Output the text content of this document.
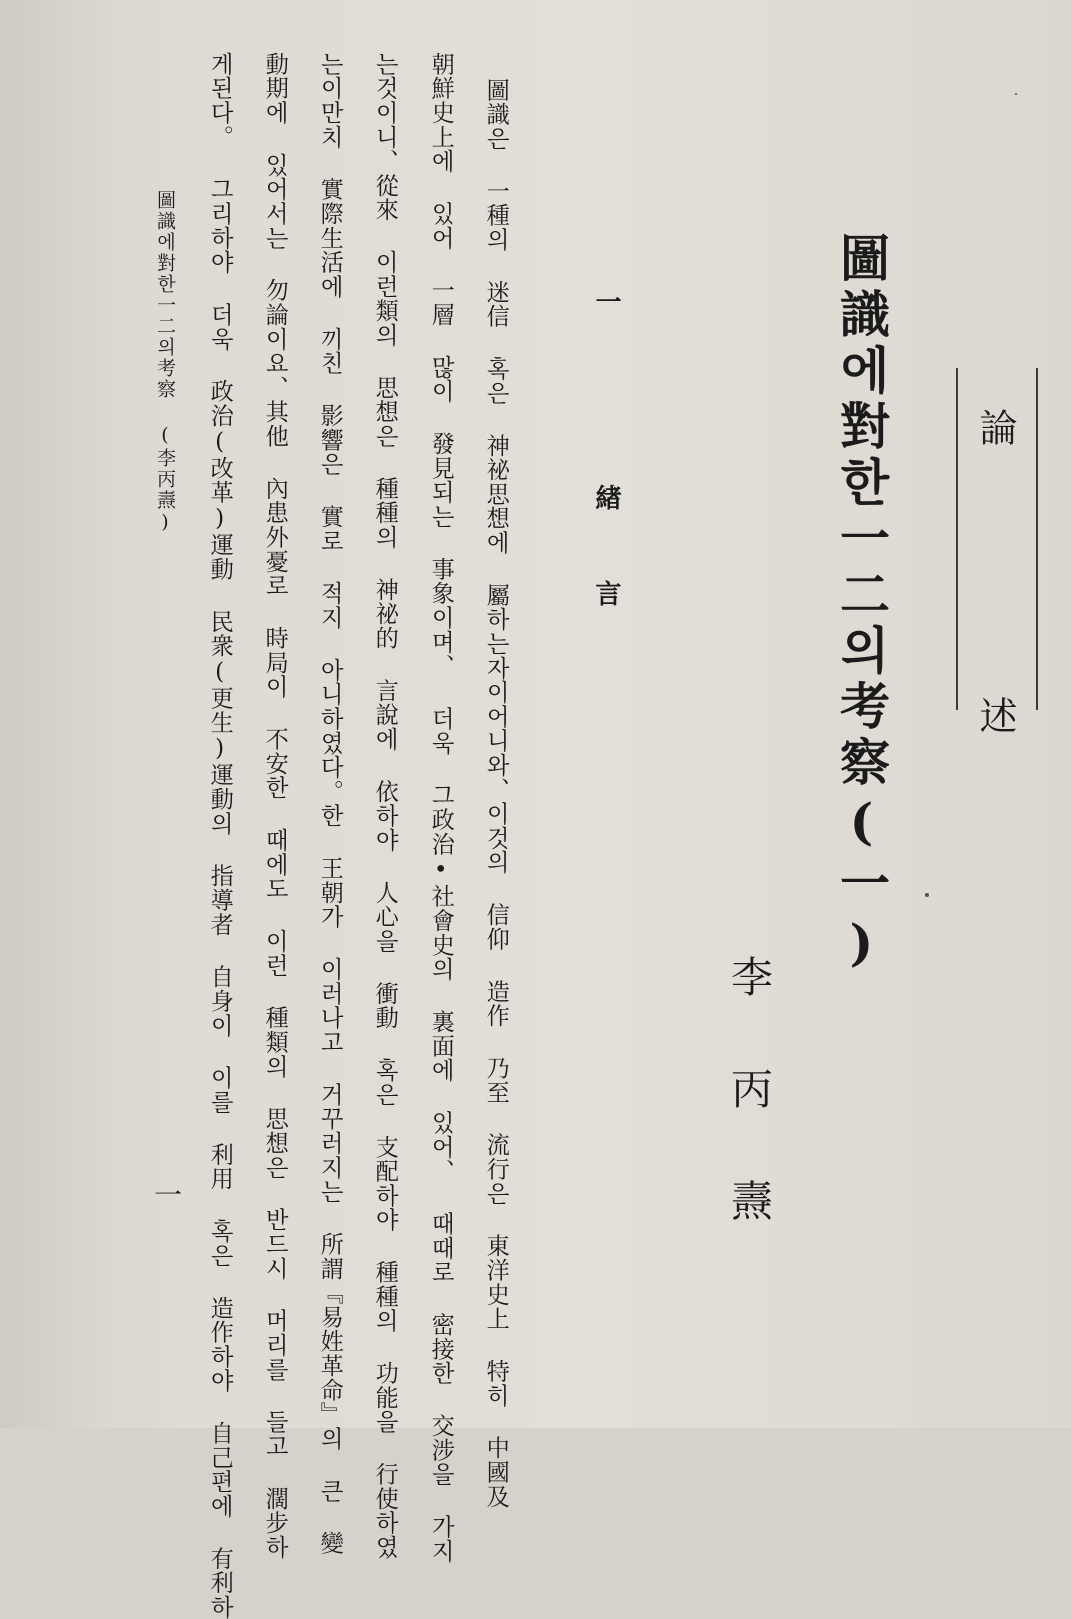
論述
圖識에對한一二의考察(一)
李丙燾
一 緖言
圖識은 一種의 迷信 혹은 神祕思想에 屬하는자이어니와、이것의 信仰 造作 乃至 流行은 東洋史上 特히 中國及
朝鮮史上에 있어 一層 많이 發見되는 事象이며、 더욱 그政治•社會史의 裏面에 있어、 때때로 密接한 交涉을 가지
는것이니、從來 이런類의 思想은 種種의 神祕的 言說에 依하야 人心을 衝動 혹은 支配하야 種種의 功能을 行使하였
는이만치 實際生活에 끼친 影響은 實로 적지 아니하였다。한 王朝가 이러나고 거꾸러지는 所謂『易姓革命』의 큰 變
動期에 있어서는 勿論이요、其他 內患外憂로 時局이 不安한 때에도 이런 種類의 思想은 반드시 머리를 들고 濶步하
게된다。 그리하야 더욱 政治(改革)運動 民衆(更生)運動의 指導者 自身이 이를 利用 혹은 造作하야 自己편에 有利하
圖識에對한一二의考察 (李丙燾)
一
